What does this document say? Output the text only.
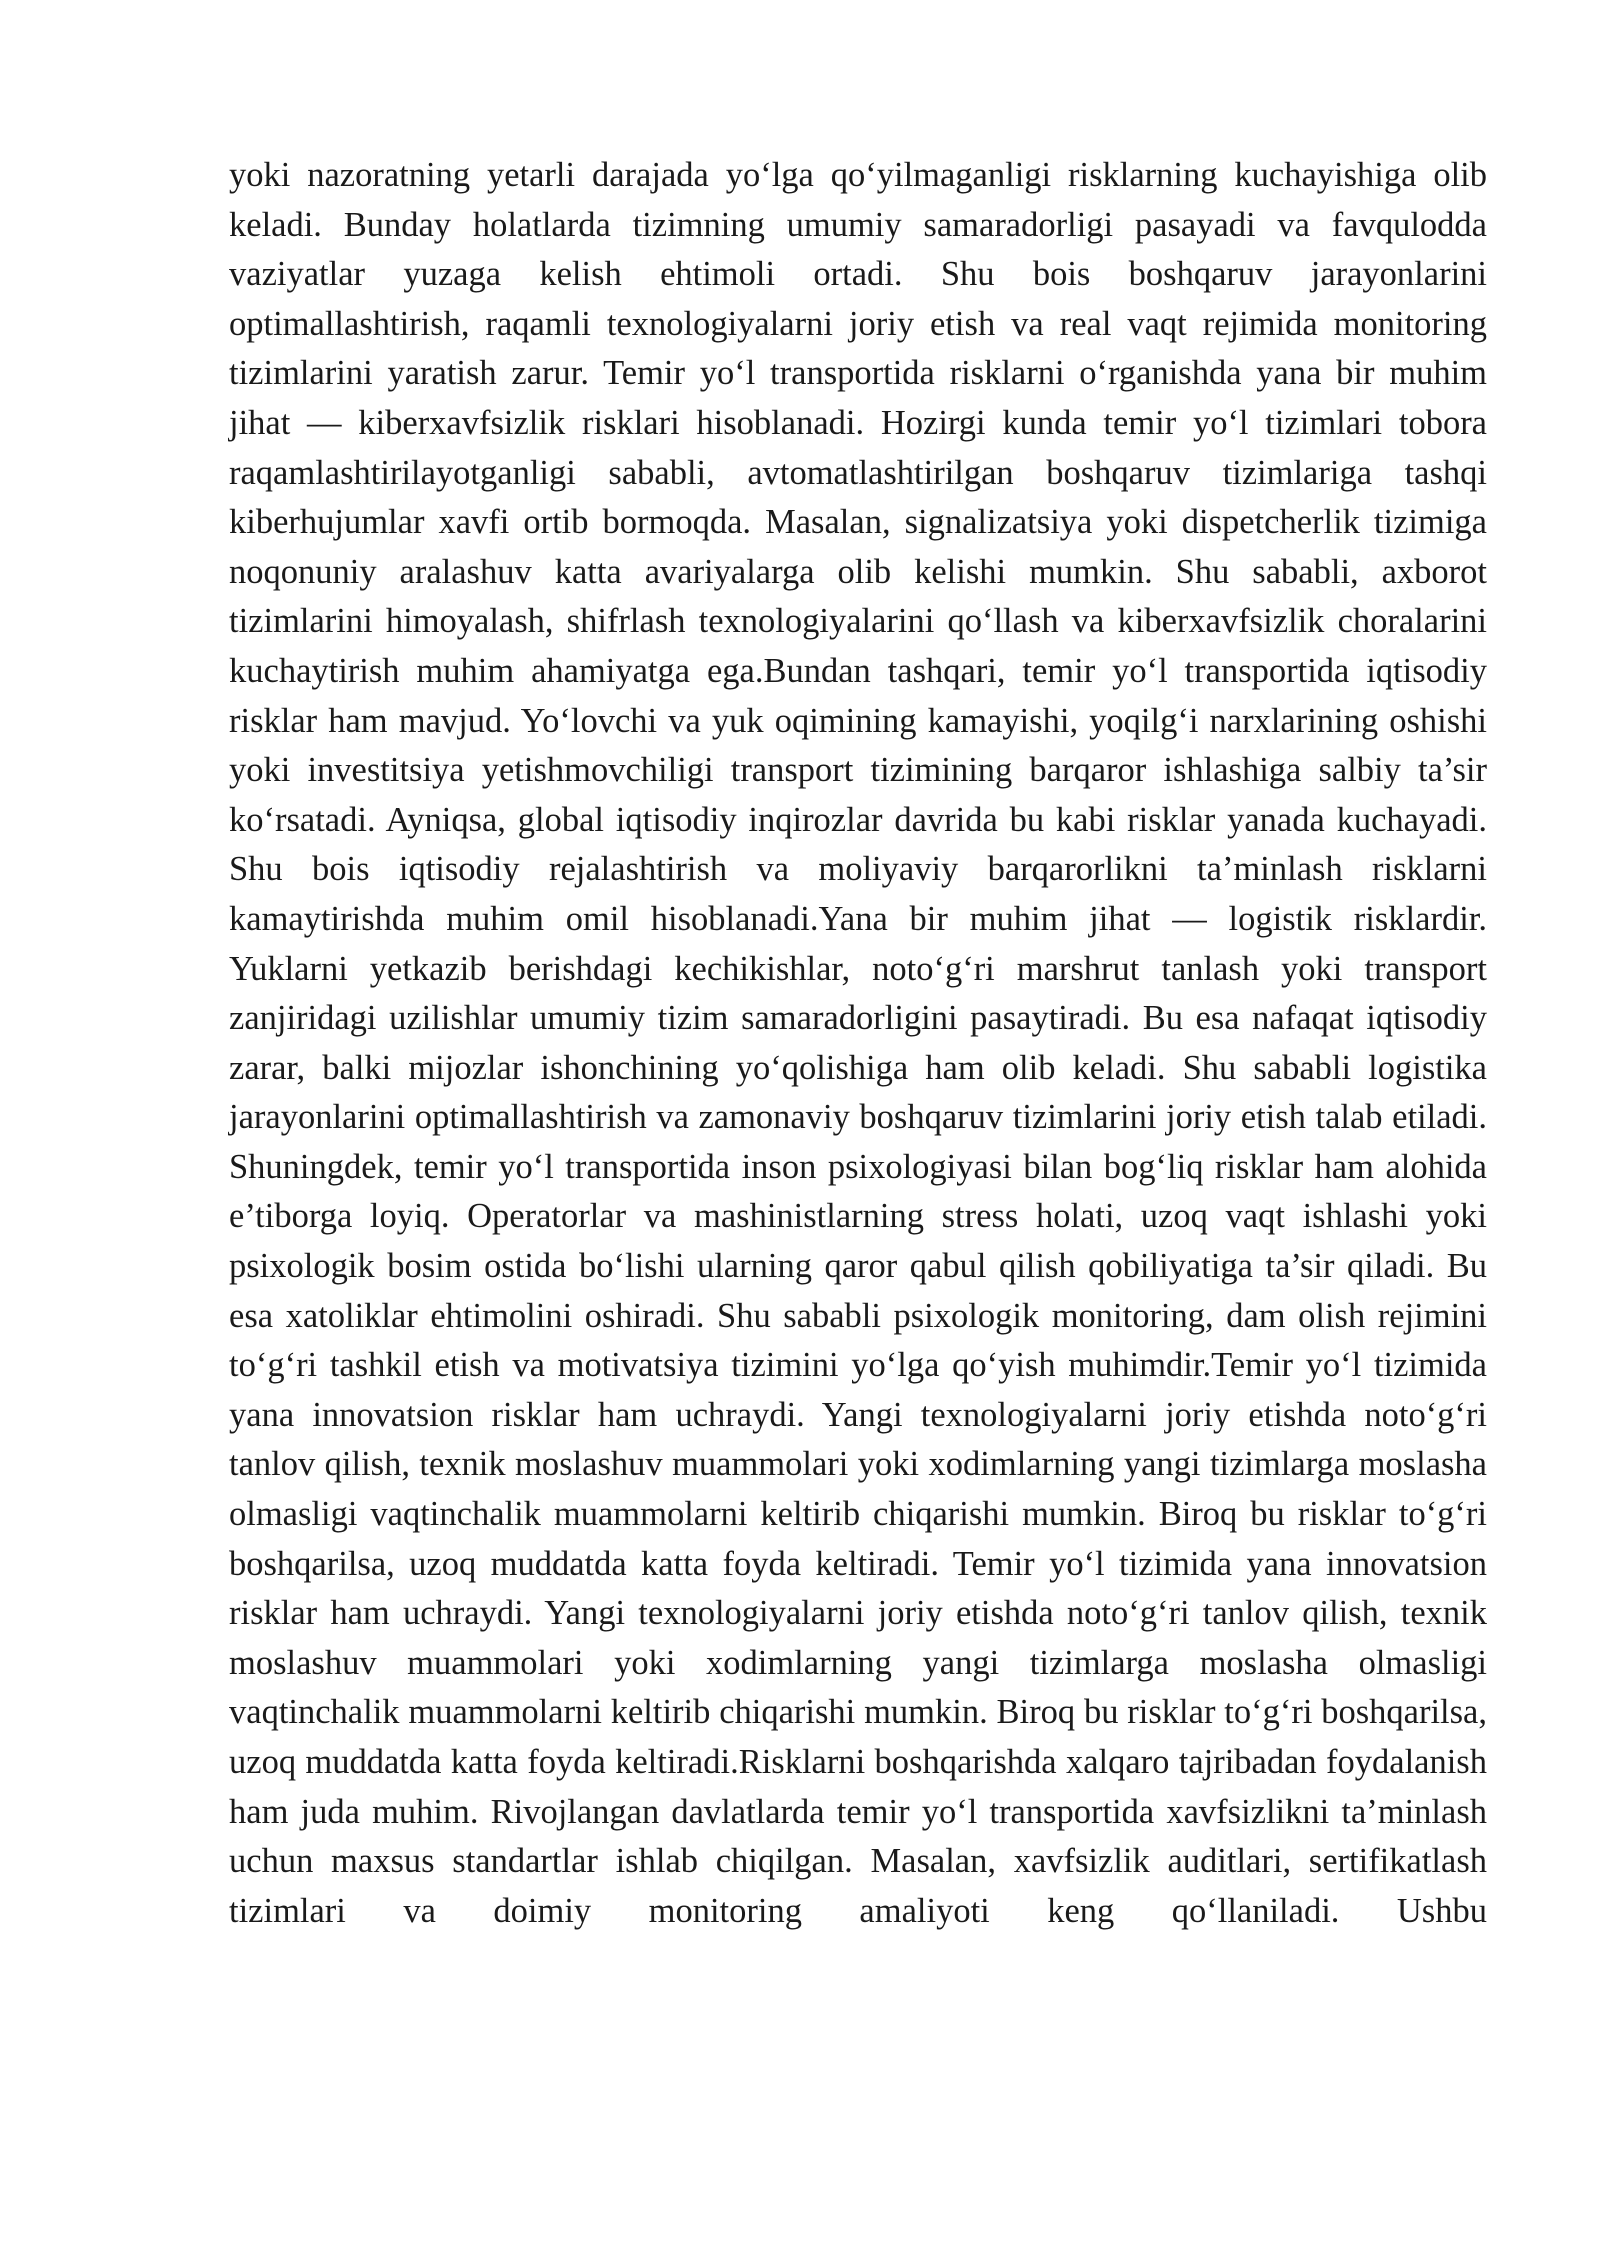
yoki nazoratning yetarli darajada yo‘lga qo‘yilmaganligi risklarning kuchayishiga olib keladi. Bunday holatlarda tizimning umumiy samaradorligi pasayadi va favqulodda vaziyatlar yuzaga kelish ehtimoli ortadi. Shu bois boshqaruv jarayonlarini optimallashtirish, raqamli texnologiyalarni joriy etish va real vaqt rejimida monitoring tizimlarini yaratish zarur. Temir yo‘l transportida risklarni o‘rganishda yana bir muhim jihat — kiberxavfsizlik risklari hisoblanadi. Hozirgi kunda temir yo‘l tizimlari tobora raqamlashtirilayotganligi sababli, avtomatlashtirilgan boshqaruv tizimlariga tashqi kiberhujumlar xavfi ortib bormoqda. Masalan, signalizatsiya yoki dispetcherlik tizimiga noqonuniy aralashuv katta avariyalarga olib kelishi mumkin. Shu sababli, axborot tizimlarini himoyalash, shifrlash texnologiyalarini qo‘llash va kiberxavfsizlik choralarini kuchaytirish muhim ahamiyatga ega.Bundan tashqari, temir yo‘l transportida iqtisodiy risklar ham mavjud. Yo‘lovchi va yuk oqimining kamayishi, yoqilg‘i narxlarining oshishi yoki investitsiya yetishmovchiligi transport tizimining barqaror ishlashiga salbiy ta’sir ko‘rsatadi. Ayniqsa, global iqtisodiy inqirozlar davrida bu kabi risklar yanada kuchayadi. Shu bois iqtisodiy rejalashtirish va moliyaviy barqarorlikni ta’minlash risklarni kamaytirishda muhim omil hisoblanadi.Yana bir muhim jihat — logistik risklardir. Yuklarni yetkazib berishdagi kechikishlar, noto‘g‘ri marshrut tanlash yoki transport zanjiridagi uzilishlar umumiy tizim samaradorligini pasaytiradi. Bu esa nafaqat iqtisodiy zarar, balki mijozlar ishonchining yo‘qolishiga ham olib keladi. Shu sababli logistika jarayonlarini optimallashtirish va zamonaviy boshqaruv tizimlarini joriy etish talab etiladi. Shuningdek, temir yo‘l transportida inson psixologiyasi bilan bog‘liq risklar ham alohida e’tiborga loyiq. Operatorlar va mashinistlarning stress holati, uzoq vaqt ishlashi yoki psixologik bosim ostida bo‘lishi ularning qaror qabul qilish qobiliyatiga ta’sir qiladi. Bu esa xatoliklar ehtimolini oshiradi. Shu sababli psixologik monitoring, dam olish rejimini to‘g‘ri tashkil etish va motivatsiya tizimini yo‘lga qo‘yish muhimdir.Temir yo‘l tizimida yana innovatsion risklar ham uchraydi. Yangi texnologiyalarni joriy etishda noto‘g‘ri tanlov qilish, texnik moslashuv muammolari yoki xodimlarning yangi tizimlarga moslasha olmasligi vaqtinchalik muammolarni keltirib chiqarishi mumkin. Biroq bu risklar to‘g‘ri boshqarilsa, uzoq muddatda katta foyda keltiradi. Temir yo‘l tizimida yana innovatsion risklar ham uchraydi. Yangi texnologiyalarni joriy etishda noto‘g‘ri tanlov qilish, texnik moslashuv muammolari yoki xodimlarning yangi tizimlarga moslasha olmasligi vaqtinchalik muammolarni keltirib chiqarishi mumkin. Biroq bu risklar to‘g‘ri boshqarilsa, uzoq muddatda katta foyda keltiradi.Risklarni boshqarishda xalqaro tajribadan foydalanish ham juda muhim. Rivojlangan davlatlarda temir yo‘l transportida xavfsizlikni ta’minlash uchun maxsus standartlar ishlab chiqilgan. Masalan, xavfsizlik auditlari, sertifikatlash tizimlari va doimiy monitoring amaliyoti keng qo‘llaniladi. Ushbu
